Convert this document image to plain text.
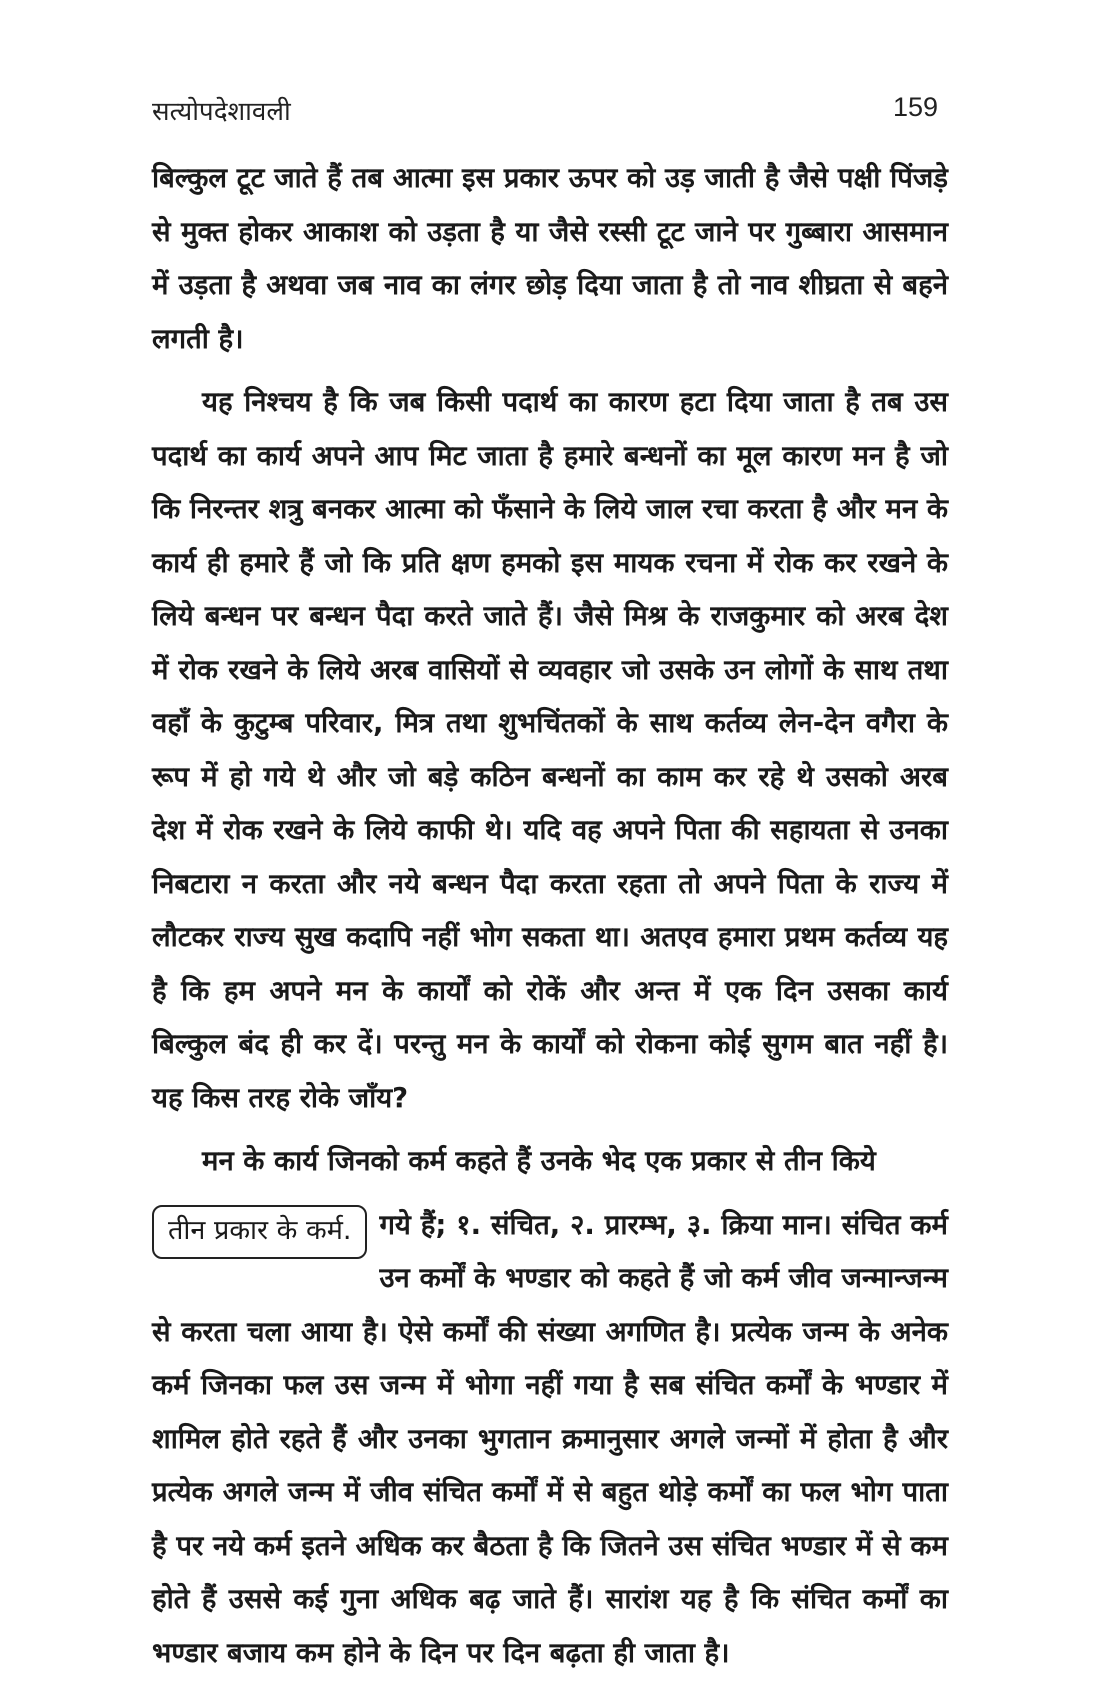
सत्योपदेशावली	159

बिल्कुल टूट जाते हैं तब आत्मा इस प्रकार ऊपर को उड़ जाती है जैसे पक्षी पिंजड़े से मुक्त होकर आकाश को उड़ता है या जैसे रस्सी टूट जाने पर गुब्बारा आसमान में उड़ता है अथवा जब नाव का लंगर छोड़ दिया जाता है तो नाव शीघ्रता से बहने लगती है।

यह निश्चय है कि जब किसी पदार्थ का कारण हटा दिया जाता है तब उस पदार्थ का कार्य अपने आप मिट जाता है हमारे बन्धनों का मूल कारण मन है जो कि निरन्तर शत्रु बनकर आत्मा को फँसाने के लिये जाल रचा करता है और मन के कार्य ही हमारे हैं जो कि प्रति क्षण हमको इस मायक रचना में रोक कर रखने के लिये बन्धन पर बन्धन पैदा करते जाते हैं। जैसे मिश्र के राजकुमार को अरब देश में रोक रखने के लिये अरब वासियों से व्यवहार जो उसके उन लोगों के साथ तथा वहाँ के कुटुम्ब परिवार, मित्र तथा शुभचिंतकों के साथ कर्तव्य लेन-देन वगैरा के रूप में हो गये थे और जो बड़े कठिन बन्धनों का काम कर रहे थे उसको अरब देश में रोक रखने के लिये काफी थे। यदि वह अपने पिता की सहायता से उनका निबटारा न करता और नये बन्धन पैदा करता रहता तो अपने पिता के राज्य में लौटकर राज्य सुख कदापि नहीं भोग सकता था। अतएव हमारा प्रथम कर्तव्य यह है कि हम अपने मन के कार्यों को रोकें और अन्त में एक दिन उसका कार्य बिल्कुल बंद ही कर दें। परन्तु मन के कार्यों को रोकना कोई सुगम बात नहीं है। यह किस तरह रोके जाँय?

मन के कार्य जिनको कर्म कहते हैं उनके भेद एक प्रकार से तीन किये

तीन प्रकार के कर्म.	गये हैं; १. संचित, २. प्रारम्भ, ३. क्रिया मान। संचित कर्म उन कर्मों के भण्डार को कहते हैं जो कर्म जीव जन्मान्जन्म से करता चला आया है। ऐसे कर्मों की संख्या अगणित है। प्रत्येक जन्म के अनेक कर्म जिनका फल उस जन्म में भोगा नहीं गया है सब संचित कर्मों के भण्डार में शामिल होते रहते हैं और उनका भुगतान क्रमानुसार अगले जन्मों में होता है और प्रत्येक अगले जन्म में जीव संचित कर्मों में से बहुत थोड़े कर्मों का फल भोग पाता है पर नये कर्म इतने अधिक कर बैठता है कि जितने उस संचित भण्डार में से कम होते हैं उससे कई गुना अधिक बढ़ जाते हैं। सारांश यह है कि संचित कर्मों का भण्डार बजाय कम होने के दिन पर दिन बढ़ता ही जाता है।
